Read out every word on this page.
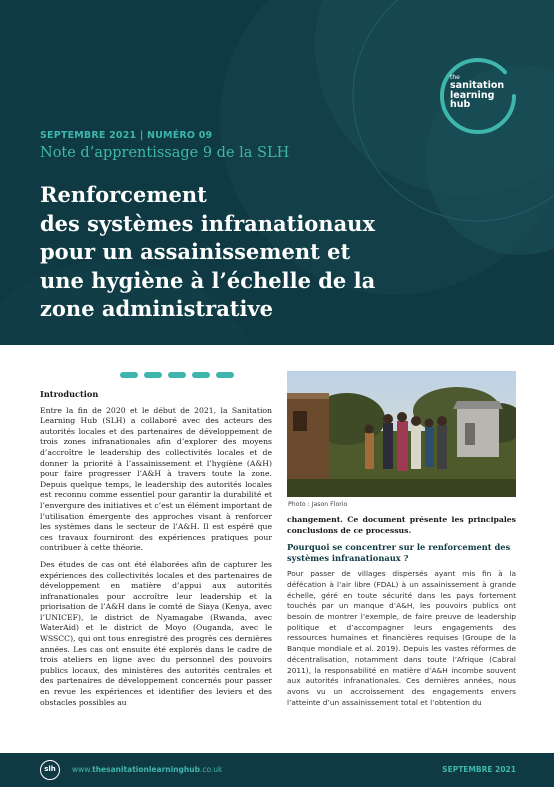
the
sanitation
learning
hub
SEPTEMBRE 2021 | NUMÉRO 09
Note d’apprentissage 9 de la SLH
Renforcement
des systèmes infranationaux
pour un assainissement et
une hygiène à l’échelle de la
zone administrative
Introduction

Entre la fin de 2020 et le début de 2021, la Sanitation Learning Hub (SLH) a collaboré avec des acteurs des autorités locales et des partenaires de développement de trois zones infranationales afin d’explorer des moyens d’accroître le leadership des collectivités locales et de donner la priorité à l’assainissement et l’hygiène (A&H) pour faire progresser l’A&H à travers toute la zone. Depuis quelque temps, le leadership des autorités locales est reconnu comme essentiel pour garantir la durabilité et l’envergure des initiatives et c’est un élément important de l’utilisation émergente des approches visant à renforcer les systèmes dans le secteur de l’A&H. Il est espéré que ces travaux fourniront des expériences pratiques pour contribuer à cette théorie.

Des études de cas ont été élaborées afin de capturer les expériences des collectivités locales et des partenaires de développement en matière d’appui aux autorités infranationales pour accroître leur leadership et la priorisation de l’A&H dans le comté de Siaya (Kenya, avec l’UNICEF), le district de Nyamagabe (Rwanda, avec WaterAid) et le district de Moyo (Ouganda, avec le WSSCC), qui ont tous enregistré des progrès ces dernières années. Les cas ont ensuite été explorés dans le cadre de trois ateliers en ligne avec du personnel des pouvoirs publics locaux, des ministères des autorités centrales et des partenaires de développement concernés pour passer en revue les expériences et identifier des leviers et des obstacles possibles au

Photo : Jason Florio

changement. Ce document présente les principales conclusions de ce processus.

Pourquoi se concentrer sur le renforcement des systèmes infranationaux ?

Pour passer de villages dispersés ayant mis fin à la défécation à l’air libre (FDAL) à un assainissement à grande échelle, géré en toute sécurité dans les pays fortement touchés par un manque d’A&H, les pouvoirs publics ont besoin de montrer l’exemple, de faire preuve de leadership politique et d’accompagner leurs engagements des ressources humaines et financières requises (Groupe de la Banque mondiale et al. 2019). Depuis les vastes réformes de décentralisation, notamment dans toute l’Afrique (Cabral 2011), la responsabilité en matière d’A&H incombe souvent aux autorités infranationales. Ces dernières années, nous avons vu un accroissement des engagements envers l’atteinte d’un assainissement total et l’obtention du

slh	www.thesanitationlearninghub.co.uk	SEPTEMBRE 2021
